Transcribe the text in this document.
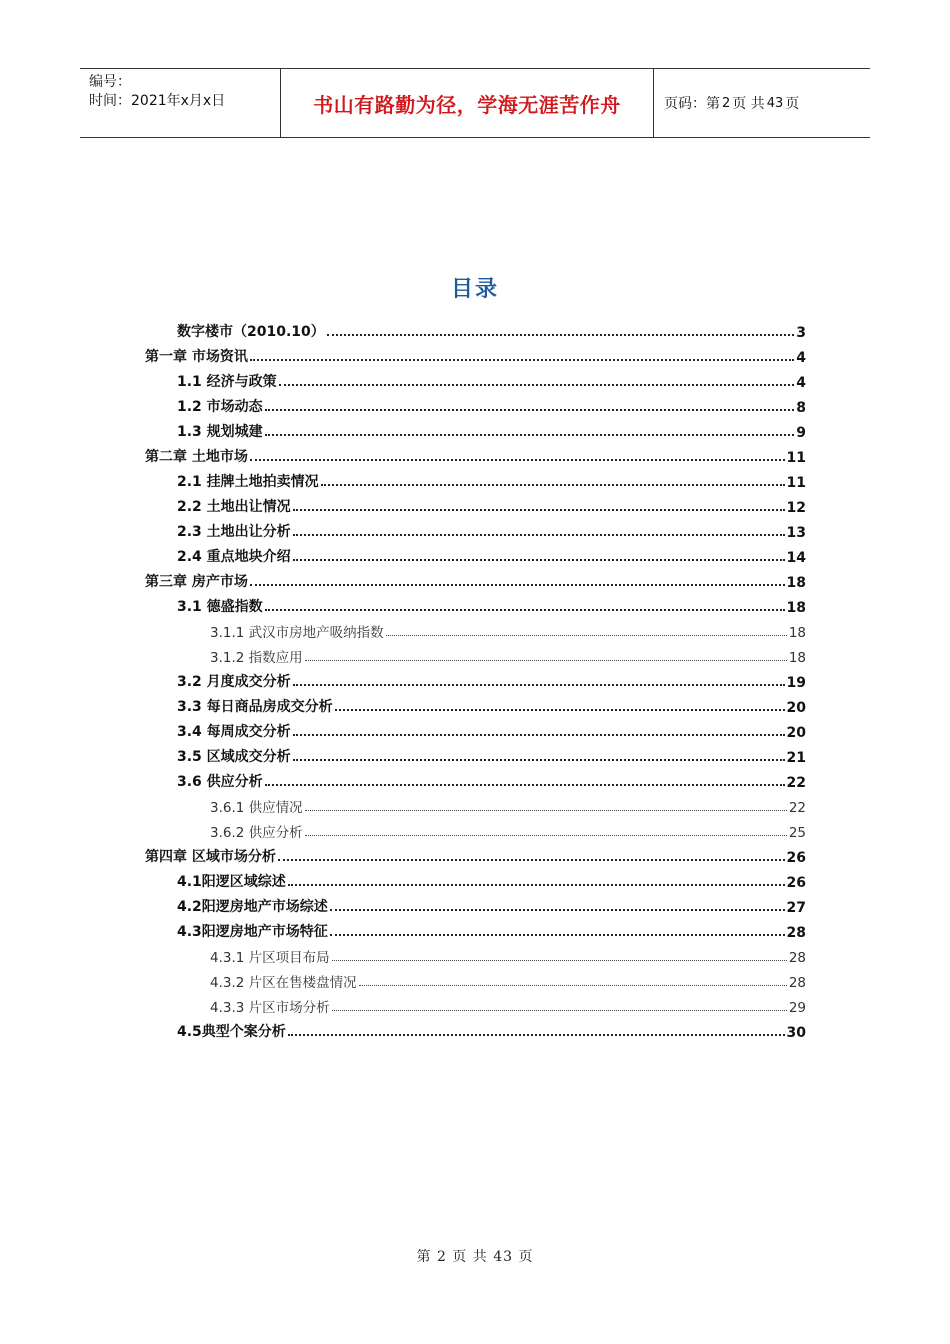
编号：
时间：2021年x月x日	书山有路勤为径，学海无涯苦作舟	页码：第 2 页 共 43 页
目录
数字楼市（2010.10）	3
第一章 市场资讯	4
1.1 经济与政策	4
1.2 市场动态	8
1.3 规划城建	9
第二章 土地市场	11
2.1 挂牌土地拍卖情况	11
2.2 土地出让情况	12
2.3 土地出让分析	13
2.4 重点地块介绍	14
第三章 房产市场	18
3.1 德盛指数	18
3.1.1 武汉市房地产吸纳指数	18
3.1.2 指数应用	18
3.2 月度成交分析	19
3.3 每日商品房成交分析	20
3.4 每周成交分析	20
3.5 区域成交分析	21
3.6 供应分析	22
3.6.1 供应情况	22
3.6.2 供应分析	25
第四章 区域市场分析	26
4.1阳逻区域综述	26
4.2阳逻房地产市场综述	27
4.3阳逻房地产市场特征	28
4.3.1 片区项目布局	28
4.3.2 片区在售楼盘情况	28
4.3.3 片区市场分析	29
4.5典型个案分析	30
第 2 页 共 43 页
